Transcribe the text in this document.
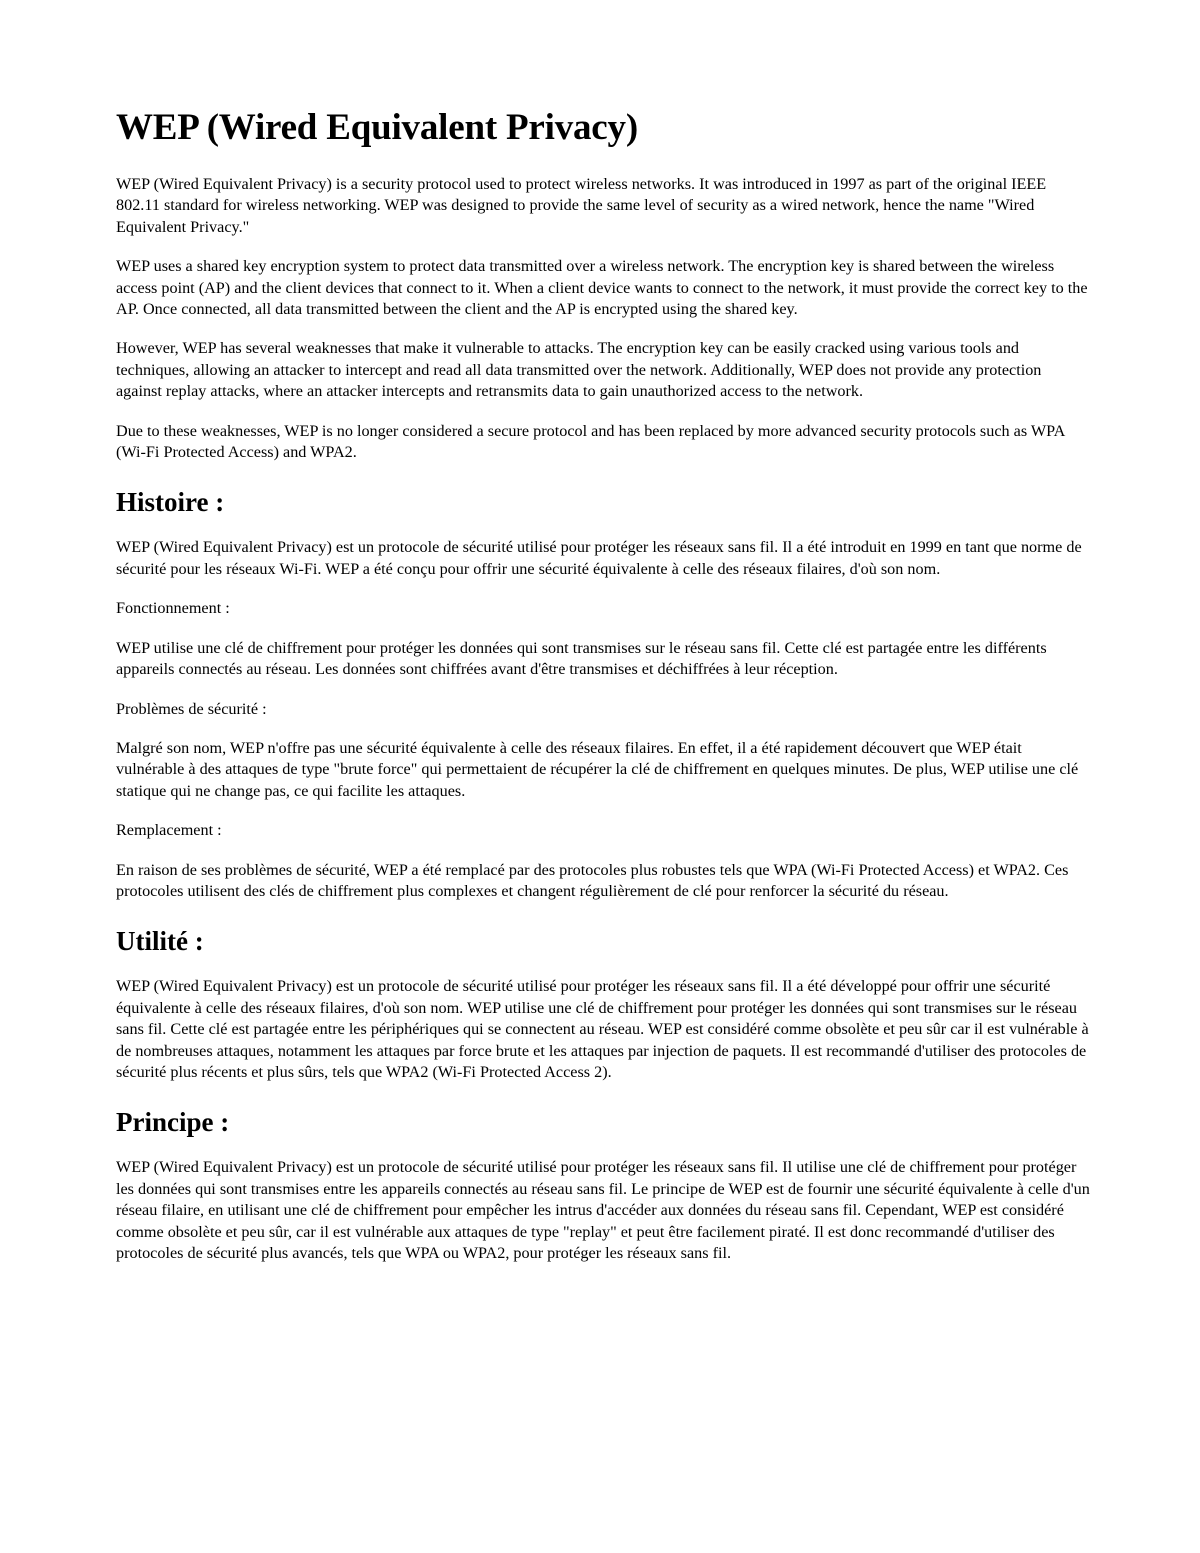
WEP (Wired Equivalent Privacy)

WEP (Wired Equivalent Privacy) is a security protocol used to protect wireless networks. It was introduced in 1997 as part of the original IEEE 802.11 standard for wireless networking. WEP was designed to provide the same level of security as a wired network, hence the name "Wired Equivalent Privacy."

WEP uses a shared key encryption system to protect data transmitted over a wireless network. The encryption key is shared between the wireless access point (AP) and the client devices that connect to it. When a client device wants to connect to the network, it must provide the correct key to the AP. Once connected, all data transmitted between the client and the AP is encrypted using the shared key.

However, WEP has several weaknesses that make it vulnerable to attacks. The encryption key can be easily cracked using various tools and techniques, allowing an attacker to intercept and read all data transmitted over the network. Additionally, WEP does not provide any protection against replay attacks, where an attacker intercepts and retransmits data to gain unauthorized access to the network.

Due to these weaknesses, WEP is no longer considered a secure protocol and has been replaced by more advanced security protocols such as WPA (Wi-Fi Protected Access) and WPA2.

Histoire :

WEP (Wired Equivalent Privacy) est un protocole de sécurité utilisé pour protéger les réseaux sans fil. Il a été introduit en 1999 en tant que norme de sécurité pour les réseaux Wi-Fi. WEP a été conçu pour offrir une sécurité équivalente à celle des réseaux filaires, d'où son nom.

Fonctionnement :

WEP utilise une clé de chiffrement pour protéger les données qui sont transmises sur le réseau sans fil. Cette clé est partagée entre les différents appareils connectés au réseau. Les données sont chiffrées avant d'être transmises et déchiffrées à leur réception.

Problèmes de sécurité :

Malgré son nom, WEP n'offre pas une sécurité équivalente à celle des réseaux filaires. En effet, il a été rapidement découvert que WEP était vulnérable à des attaques de type "brute force" qui permettaient de récupérer la clé de chiffrement en quelques minutes. De plus, WEP utilise une clé statique qui ne change pas, ce qui facilite les attaques.

Remplacement :

En raison de ses problèmes de sécurité, WEP a été remplacé par des protocoles plus robustes tels que WPA (Wi-Fi Protected Access) et WPA2. Ces protocoles utilisent des clés de chiffrement plus complexes et changent régulièrement de clé pour renforcer la sécurité du réseau.

Utilité :

WEP (Wired Equivalent Privacy) est un protocole de sécurité utilisé pour protéger les réseaux sans fil. Il a été développé pour offrir une sécurité équivalente à celle des réseaux filaires, d'où son nom. WEP utilise une clé de chiffrement pour protéger les données qui sont transmises sur le réseau sans fil. Cette clé est partagée entre les périphériques qui se connectent au réseau. WEP est considéré comme obsolète et peu sûr car il est vulnérable à de nombreuses attaques, notamment les attaques par force brute et les attaques par injection de paquets. Il est recommandé d'utiliser des protocoles de sécurité plus récents et plus sûrs, tels que WPA2 (Wi-Fi Protected Access 2).

Principe :

WEP (Wired Equivalent Privacy) est un protocole de sécurité utilisé pour protéger les réseaux sans fil. Il utilise une clé de chiffrement pour protéger les données qui sont transmises entre les appareils connectés au réseau sans fil. Le principe de WEP est de fournir une sécurité équivalente à celle d'un réseau filaire, en utilisant une clé de chiffrement pour empêcher les intrus d'accéder aux données du réseau sans fil. Cependant, WEP est considéré comme obsolète et peu sûr, car il est vulnérable aux attaques de type "replay" et peut être facilement piraté. Il est donc recommandé d'utiliser des protocoles de sécurité plus avancés, tels que WPA ou WPA2, pour protéger les réseaux sans fil.
